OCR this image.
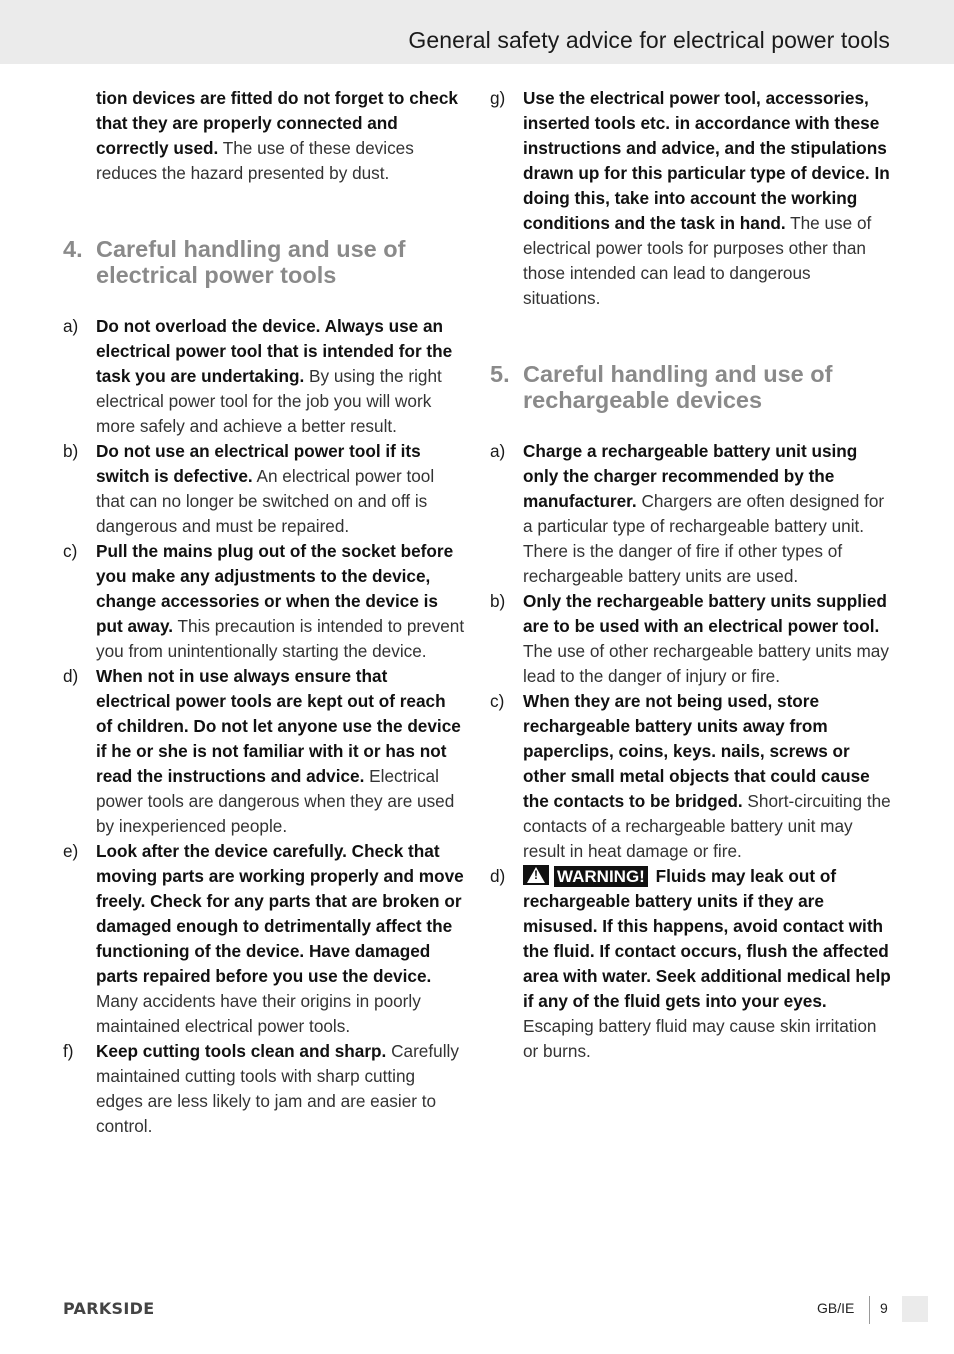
General safety advice for electrical power tools

tion devices are fitted do not forget to check that they are properly connected and correctly used. The use of these devices reduces the hazard presented by dust.

4. Careful handling and use of electrical power tools

a) Do not overload the device. Always use an electrical power tool that is intended for the task you are undertaking. By using the right electrical power tool for the job you will work more safely and achieve a better result.

b) Do not use an electrical power tool if its switch is defective. An electrical power tool that can no longer be switched on and off is dangerous and must be repaired.

c) Pull the mains plug out of the socket before you make any adjustments to the device, change accessories or when the device is put away. This precaution is intended to prevent you from unintentionally starting the device.

d) When not in use always ensure that electrical power tools are kept out of reach of children. Do not let anyone use the device if he or she is not familiar with it or has not read the instructions and advice. Electrical power tools are dangerous when they are used by inexperienced people.

e) Look after the device carefully. Check that moving parts are working properly and move freely. Check for any parts that are broken or damaged enough to detrimentally affect the functioning of the device. Have damaged parts repaired before you use the device. Many accidents have their origins in poorly maintained electrical power tools.

f) Keep cutting tools clean and sharp. Carefully maintained cutting tools with sharp cutting edges are less likely to jam and are easier to control.

g) Use the electrical power tool, accessories, inserted tools etc. in accordance with these instructions and advice, and the stipulations drawn up for this particular type of device. In doing this, take into account the working conditions and the task in hand. The use of electrical power tools for purposes other than those intended can lead to dangerous situations.

5. Careful handling and use of rechargeable devices

a) Charge a rechargeable battery unit using only the charger recommended by the manufacturer. Chargers are often designed for a particular type of rechargeable battery unit. There is the danger of fire if other types of rechargeable battery units are used.

b) Only the rechargeable battery units supplied are to be used with an electrical power tool. The use of other rechargeable battery units may lead to the danger of injury or fire.

c) When they are not being used, store rechargeable battery units away from paperclips, coins, keys. nails, screws or other small metal objects that could cause the contacts to be bridged. Short-circuiting the contacts of a rechargeable battery unit may result in heat damage or fire.

d)	!	WARNING! Fluids may leak out of rechargeable battery units if they are misused. If this happens, avoid contact with the fluid. If contact occurs, flush the affected area with water. Seek additional medical help if any of the fluid gets into your eyes. Escaping battery fluid may cause skin irritation or burns.

PARKSIDE	GB/IE 9
